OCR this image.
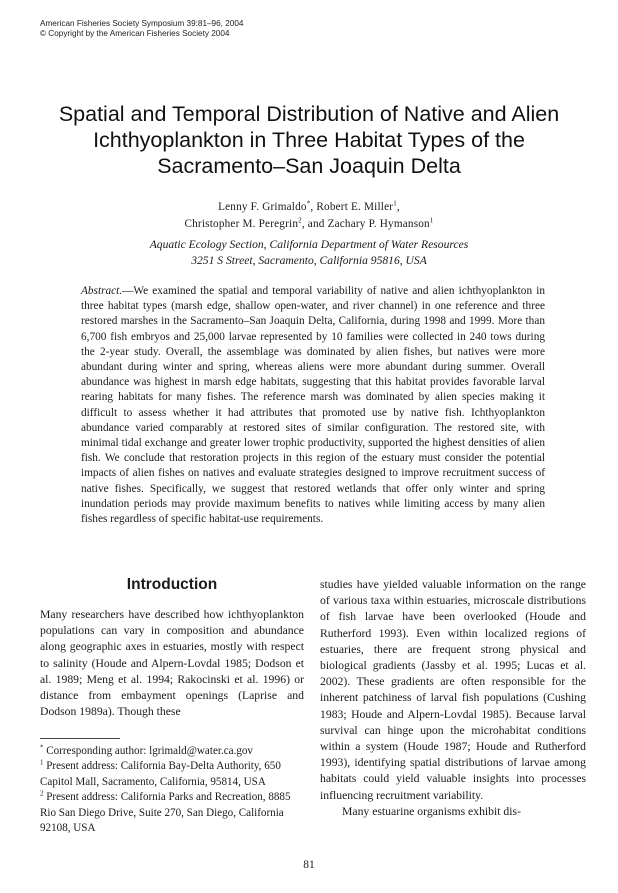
American Fisheries Society Symposium 39:81–96, 2004
© Copyright by the American Fisheries Society 2004
Spatial and Temporal Distribution of Native and Alien
Ichthyoplankton in Three Habitat Types of the
Sacramento–San Joaquin Delta
Lenny F. Grimaldo*, Robert E. Miller$^1$,
Christopher M. Peregrin$^2$, and Zachary P. Hymanson$^1$
Aquatic Ecology Section, California Department of Water Resources
3251 S Street, Sacramento, California 95816, USA
Abstract.—We examined the spatial and temporal variability of native and alien ichthyoplankton in three habitat types (marsh edge, shallow open-water, and river channel) in one reference and three restored marshes in the Sacramento–San Joaquin Delta, California, during 1998 and 1999. More than 6,700 fish embryos and 25,000 larvae represented by 10 families were collected in 240 tows during the 2-year study. Overall, the assemblage was dominated by alien fishes, but natives were more abundant during winter and spring, whereas aliens were more abundant during summer. Overall abundance was highest in marsh edge habitats, suggesting that this habitat provides favorable larval rearing habitats for many fishes. The reference marsh was dominated by alien species making it difficult to assess whether it had attributes that promoted use by native fish. Ichthyoplankton abundance varied comparably at restored sites of similar configuration. The restored site, with minimal tidal exchange and greater lower trophic productivity, supported the highest densities of alien fish. We conclude that restoration projects in this region of the estuary must consider the potential impacts of alien fishes on natives and evaluate strategies designed to improve recruitment success of native fishes. Specifically, we suggest that restored wetlands that offer only winter and spring inundation periods may provide maximum benefits to natives while limiting access by many alien fishes regardless of specific habitat-use requirements.
Introduction
Many researchers have described how ichthyoplankton populations can vary in composition and abundance along geographic axes in estuaries, mostly with respect to salinity (Houde and Alpern-Lovdal 1985; Dodson et al. 1989; Meng et al. 1994; Rakocinski et al. 1996) or distance from embayment openings (Laprise and Dodson 1989a). Though these

* Corresponding author: lgrimald@water.ca.gov

$^1$ Present address: California Bay-Delta Authority, 650 Capitol Mall, Sacramento, California, 95814, USA

$^2$ Present address: California Parks and Recreation, 8885 Rio San Diego Drive, Suite 270, San Diego, California 92108, USA

studies have yielded valuable information on the range of various taxa within estuaries, microscale distributions of fish larvae have been overlooked (Houde and Rutherford 1993). Even within localized regions of estuaries, there are frequent strong physical and biological gradients (Jassby et al. 1995; Lucas et al. 2002). These gradients are often responsible for the inherent patchiness of larval fish populations (Cushing 1983; Houde and Alpern-Lovdal 1985). Because larval survival can hinge upon the microhabitat conditions within a system (Houde 1987; Houde and Rutherford 1993), identifying spatial distributions of larvae among habitats could yield valuable insights into processes influencing recruitment variability.
Many estuarine organisms exhibit dis-
81
